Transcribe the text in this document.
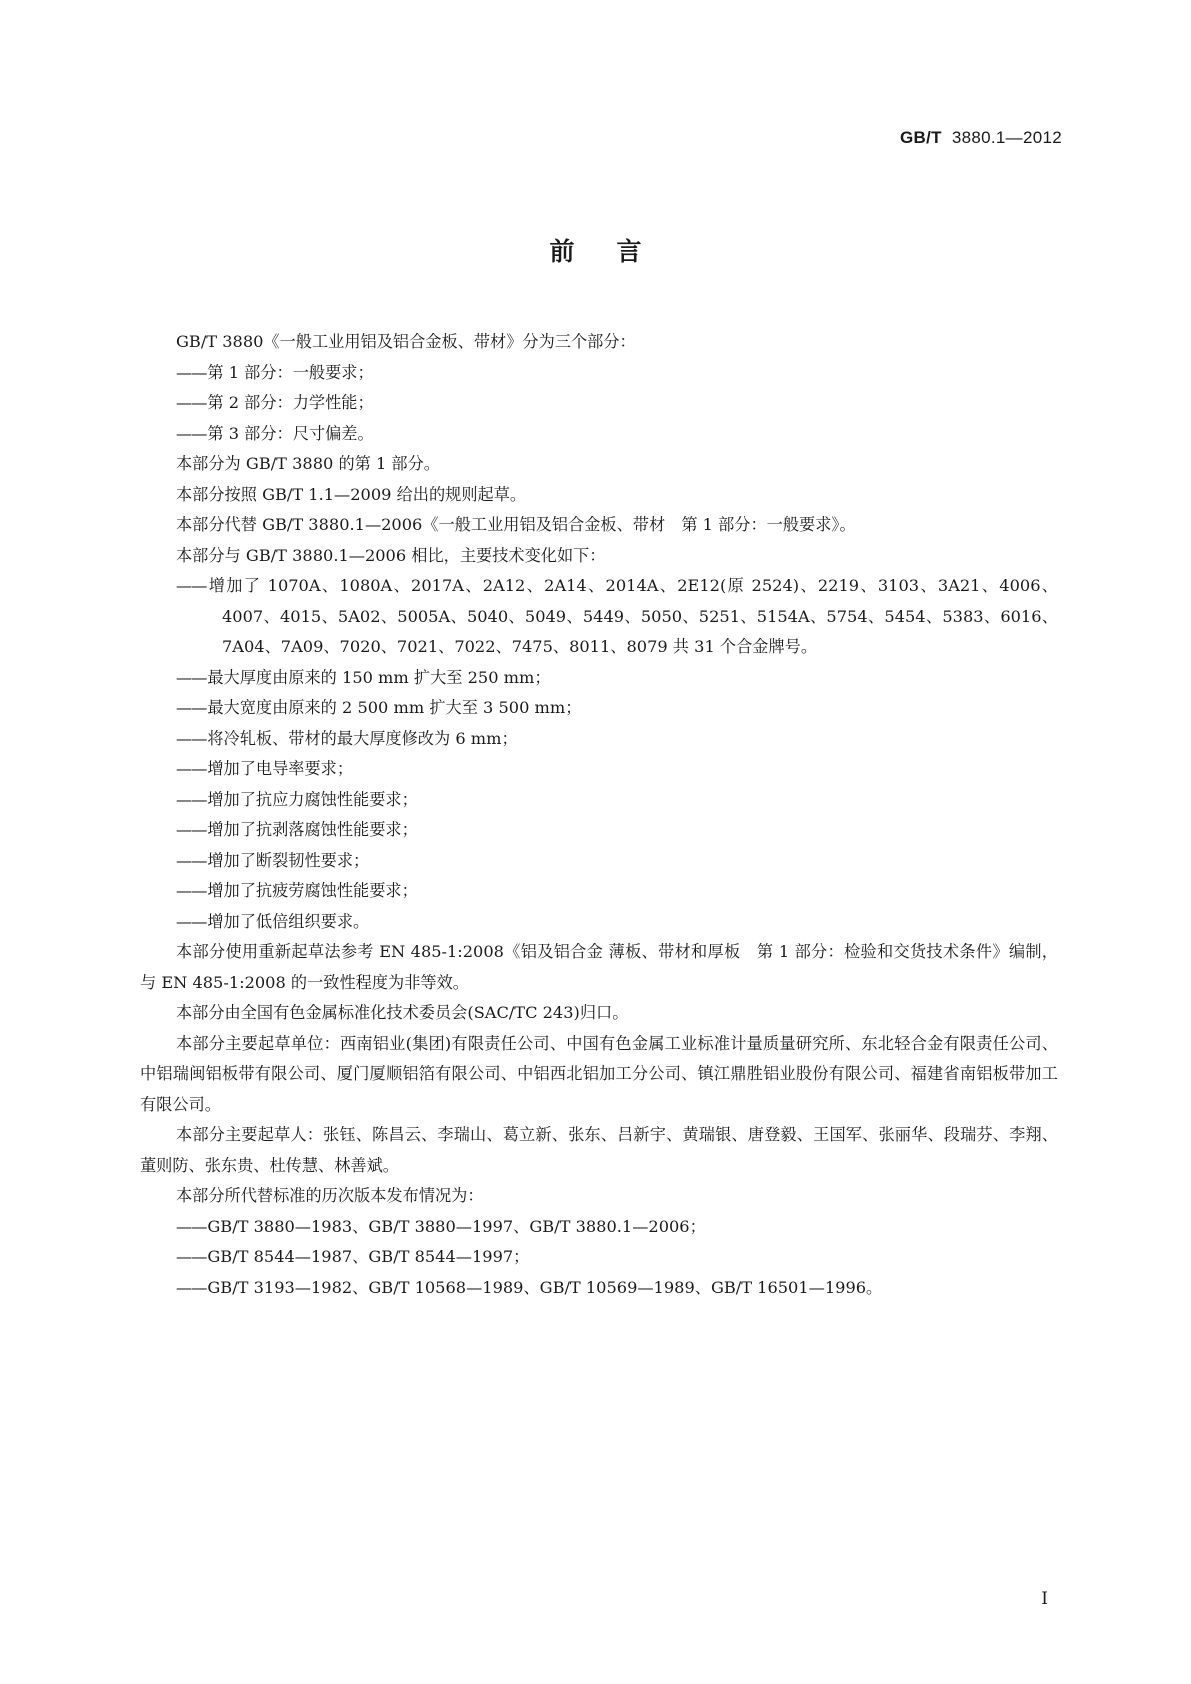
GB/T 3880.1—2012
前言

GB/T 3880《一般工业用铝及铝合金板、带材》分为三个部分：

—— 第 1 部分：一般要求；

—— 第 2 部分：力学性能；

—— 第 3 部分：尺寸偏差。

本部分为 GB/T 3880 的第 1 部分。

本部分按照 GB/T 1.1—2009 给出的规则起草。

本部分代替 GB/T 3880.1—2006《一般工业用铝及铝合金板、带材　第 1 部分：一般要求》。

本部分与 GB/T 3880.1—2006 相比，主要技术变化如下：

—— 增加了 1070A、1080A、2017A、2A12、2A14、2014A、2E12(原 2524)、2219、3103、3A21、4006、4007、4015、5A02、5005A、5040、5049、5449、5050、5251、5154A、5754、5454、5383、6016、7A04、7A09、7020、7021、7022、7475、8011、8079 共 31 个合金牌号。

—— 最大厚度由原来的 150 mm 扩大至 250 mm；

—— 最大宽度由原来的 2 500 mm 扩大至 3 500 mm；

—— 将冷轧板、带材的最大厚度修改为 6 mm；

—— 增加了电导率要求；

—— 增加了抗应力腐蚀性能要求；

—— 增加了抗剥落腐蚀性能要求；

—— 增加了断裂韧性要求；

—— 增加了抗疲劳腐蚀性能要求；

—— 增加了低倍组织要求。

本部分使用重新起草法参考 EN 485-1:2008《铝及铝合金 薄板、带材和厚板　第 1 部分：检验和交货技术条件》编制，与 EN 485-1:2008 的一致性程度为非等效。

本部分由全国有色金属标准化技术委员会(SAC/TC 243)归口。

本部分主要起草单位：西南铝业(集团)有限责任公司、中国有色金属工业标准计量质量研究所、东北轻合金有限责任公司、中铝瑞闽铝板带有限公司、厦门厦顺铝箔有限公司、中铝西北铝加工分公司、镇江鼎胜铝业股份有限公司、福建省南铝板带加工有限公司。

本部分主要起草人：张钰、陈昌云、李瑞山、葛立新、张东、吕新宇、黄瑞银、唐登毅、王国军、张丽华、段瑞芬、李翔、董则防、张东贵、杜传慧、林善斌。

本部分所代替标准的历次版本发布情况为：

—— GB/T 3880—1983、GB/T 3880—1997、GB/T 3880.1—2006；

—— GB/T 8544—1987、GB/T 8544—1997；

—— GB/T 3193—1982、GB/T 10568—1989、GB/T 10569—1989、GB/T 16501—1996。

I
